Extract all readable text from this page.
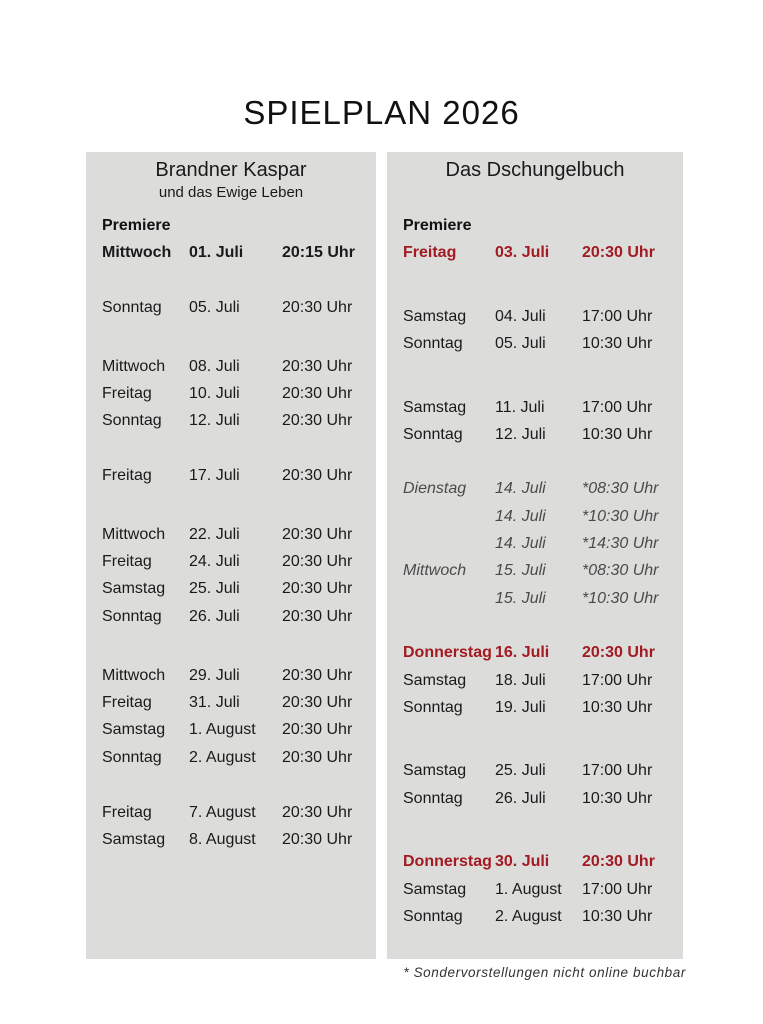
SPIELPLAN 2026
Brandner Kaspar
und das Ewige Leben
Premiere
Mittwoch 01. Juli 20:15 Uhr
Sonntag 05. Juli	20:30 Uhr
Mittwoch 08. Juli	20:30 Uhr
Freitag 10. Juli	20:30 Uhr
Sonntag 12. Juli	20:30 Uhr
Freitag 17. Juli	20:30 Uhr
Mittwoch 22. Juli	20:30 Uhr
Freitag 24. Juli	20:30 Uhr
Samstag 25. Juli	20:30 Uhr
Sonntag 26. Juli	20:30 Uhr
Mittwoch 29. Juli	20:30 Uhr
Freitag 31. Juli	20:30 Uhr
Samstag 1. August 20:30 Uhr
Sonntag 2. August 20:30 Uhr
Freitag 7. August 20:30 Uhr
Samstag 8. August 20:30 Uhr
Das Dschungelbuch
Premiere
Freitag 03. Juli 20:30 Uhr
Samstag 04. Juli 17:00 Uhr
Sonntag 05. Juli 10:30 Uhr
Samstag 11. Juli 17:00 Uhr
Sonntag 12. Juli 10:30 Uhr
Dienstag 14. Juli *08:30 Uhr
14. Juli *10:30 Uhr
14. Juli *14:30 Uhr
Mittwoch 15. Juli *08:30 Uhr
15. Juli *10:30 Uhr
Donnerstag 16. Juli 20:30 Uhr
Samstag 18. Juli 17:00 Uhr
Sonntag 19. Juli 10:30 Uhr
Samstag 25. Juli 17:00 Uhr
Sonntag 26. Juli 10:30 Uhr
Donnerstag 30. Juli 20:30 Uhr
Samstag 1. August 17:00 Uhr
Sonntag 2. August 10:30 Uhr
* Sondervorstellungen nicht online buchbar
